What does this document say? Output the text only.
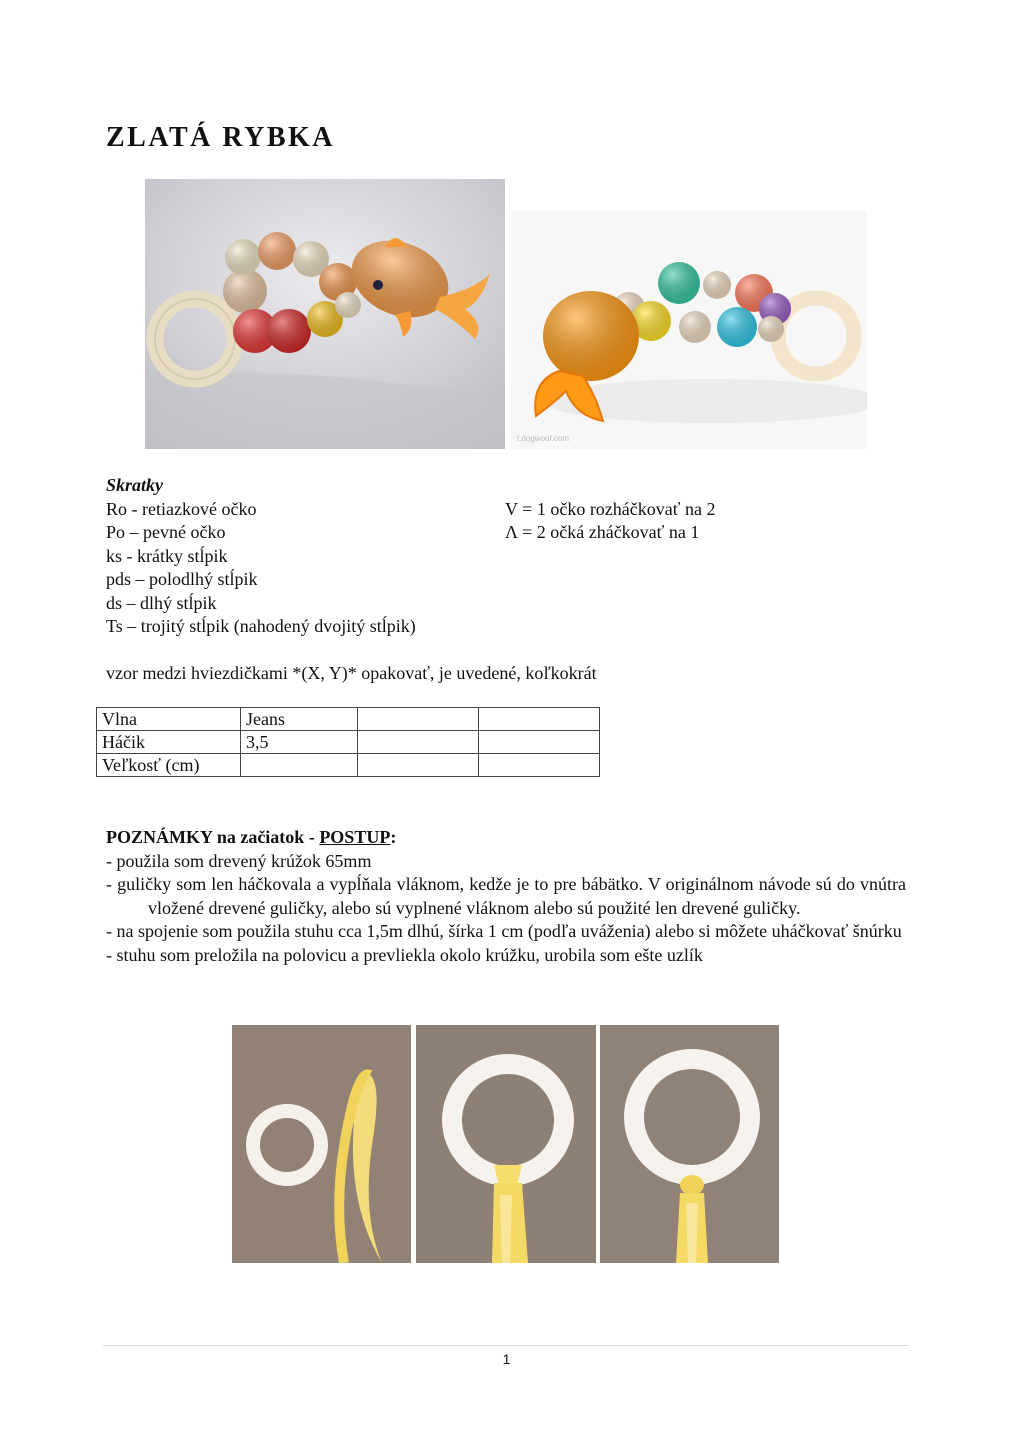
ZLATÁ RYBKA
t.dogwoof.com
Skratky
Ro - retiazkové očko
Po – pevné očko
ks - krátky stĺpik
pds – polodlhý stĺpik
ds – dlhý stĺpik
Ts – trojitý stĺpik (nahodený dvojitý stĺpik)
V = 1 očko rozháčkovať na 2
Λ = 2 očká zháčkovať na 1
vzor medzi hviezdičkami *(X, Y)* opakovať, je uvedené, koľkokrát
Vlna	Jeans		
Háčik	3,5		
Veľkosť (cm)			
POZNÁMKY na začiatok - POSTUP:

- použila som drevený krúžok 65mm

- guličky som len háčkovala a vypĺňala vláknom, kedže je to pre bábätko. V originálnom návode sú do vnútra vložené drevené guličky, alebo sú vyplnené vláknom alebo sú použité len drevené guličky.

- na spojenie som použila stuhu cca 1,5m dlhú, šírka 1 cm (podľa uváženia) alebo si môžete uháčkovať šnúrku

- stuhu som preložila na polovicu a prevliekla okolo krúžku, urobila som ešte uzlík

1
